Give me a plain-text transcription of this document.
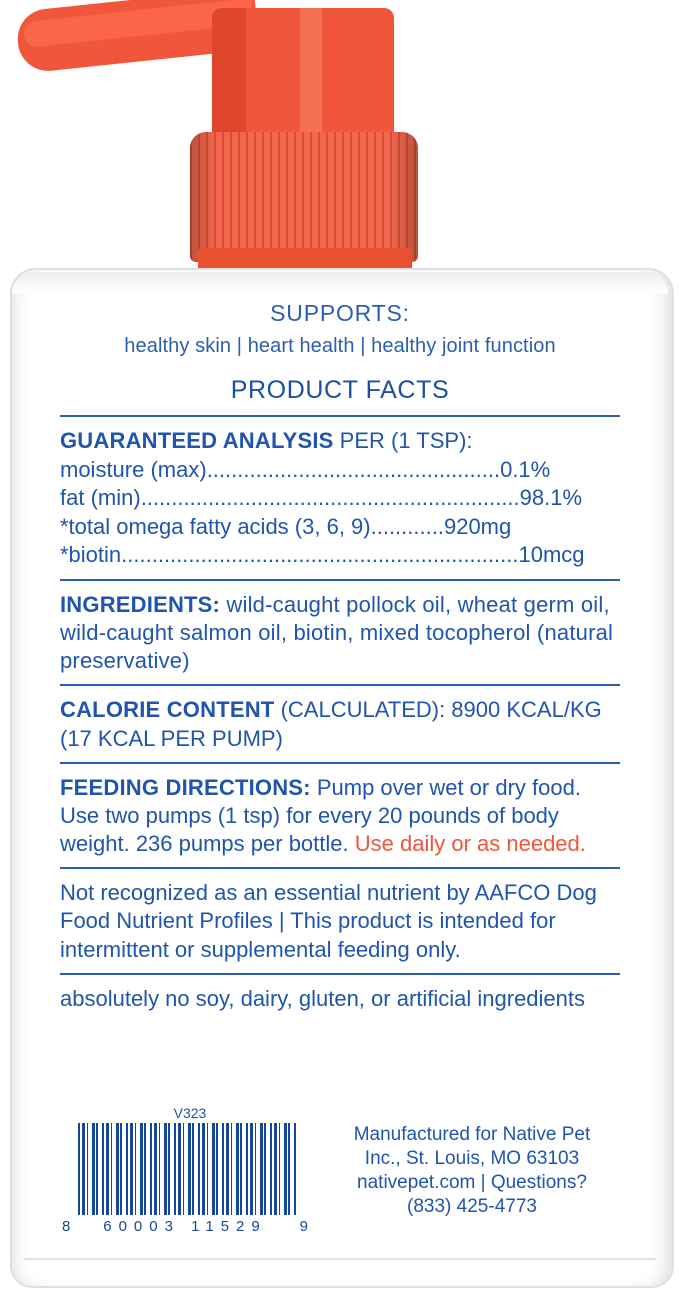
SUPPORTS:
healthy skin | heart health | healthy joint function
PRODUCT FACTS
GUARANTEED ANALYSIS PER (1 TSP):
moisture (max)................................................0.1%
fat (min)..............................................................98.1%
*total omega fatty acids (3, 6, 9)............920mg
*biotin.................................................................10mcg
INGREDIENTS: wild-caught pollock oil, wheat germ oil, wild-caught salmon oil, biotin, mixed tocopherol (natural preservative)
CALORIE CONTENT (CALCULATED): 8900 KCAL/KG (17 KCAL PER PUMP)
FEEDING DIRECTIONS: Pump over wet or dry food. Use two pumps (1 tsp) for every 20 pounds of body weight. 236 pumps per bottle. Use daily or as needed.
Not recognized as an essential nutrient by AAFCO Dog Food Nutrient Profiles | This product is intended for intermittent or supplemental feeding only.
absolutely no soy, dairy, gluten, or artificial ingredients
V323
8 60003 11529 9
Manufactured for Native Pet
Inc., St. Louis, MO 63103
nativepet.com | Questions?
(833) 425-4773
